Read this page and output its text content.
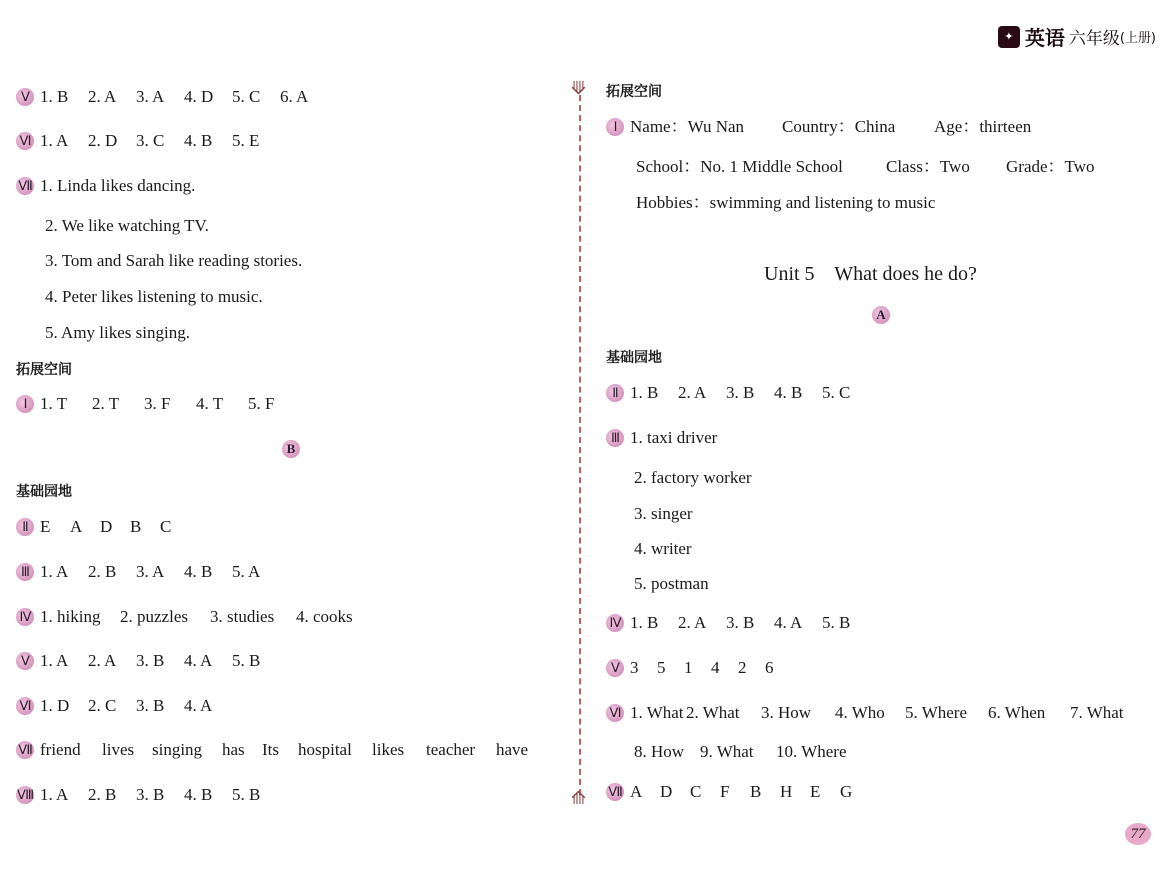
✦ 英语 六年级 (上册)
⟱
⟰
Ⅴ 1. B	2. A	3. A	4. D	5. C	6. A
Ⅵ 1. A	2. D	3. C	4. B	5. E
Ⅶ 1. Linda likes dancing.
2. We like watching TV.
3. Tom and Sarah like reading stories.
4. Peter likes listening to music.
5. Amy likes singing.
拓展空间
Ⅰ 1. T	2. T	3. F	4. T	5. F
B
基础园地
Ⅱ E	A	D	B	C
Ⅲ 1. A	2. B	3. A	4. B	5. A
Ⅳ 1. hiking	2. puzzles	3. studies	4. cooks
Ⅴ 1. A	2. A	3. B	4. A	5. B
Ⅵ 1. D	2. C	3. B	4. A
Ⅶ friend	lives	singing	has	Its	hospital	likes	teacher	have
Ⅷ 1. A	2. B	3. B	4. B	5. B
拓展空间
Ⅰ Name：Wu Nan	Country：China	Age：thirteen
School：No. 1 Middle School	Class：Two	Grade：Two
Hobbies：swimming and listening to music
Unit 5    What does he do?
A
基础园地
Ⅱ 1. B	2. A	3. B	4. B	5. C
Ⅲ 1. taxi driver
2. factory worker
3. singer
4. writer
5. postman
Ⅳ 1. B	2. A	3. B	4. A	5. B
Ⅴ 3	5	1	4	2	6
Ⅵ 1. What 2. What	3. How	4. Who	5. Where	6. When	7. What
8. How 9. What	10. Where
Ⅶ A	D	C	F	B	H	E	G
77
